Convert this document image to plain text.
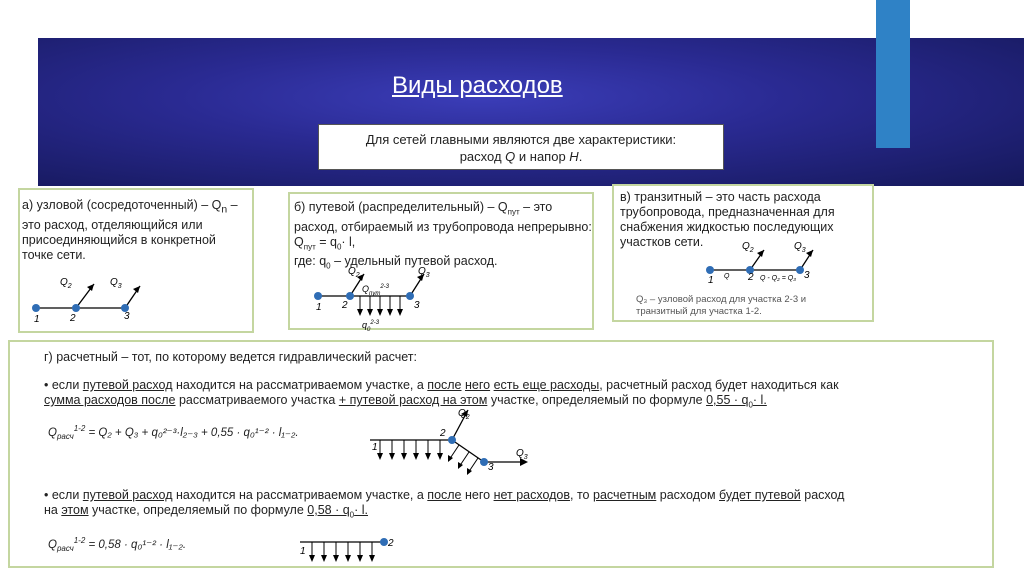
Виды расходов
Для сетей главными являются две характеристики:
расход Q и напор H.
а) узловой (сосредоточенный) – $Q_n$ – это расход, отделяющийся или присоединяющийся в конкретной точке сети.
$Q_2$	$Q_3$
1	2	3
б) путевой (распределительный) – $Q_{пут}$ – это расход, отбираемый из трубопровода непрерывно: $Q_{пут} = q_0\cdot l$,
где: $q_0$ – удельный путевой расход.
$Q_2$	$Q_3$
$Q_{пут}^{2-3}$
$q_0^{2-3}$
1 2	3
в) транзитный – это часть расхода трубопровода, предназначенная для снабжения жидкостью последующих участков сети.	$Q_2$	$Q_3$
Q	Q - Q₂ = Q₃
1	2	3
Q₃ – узловой расход для участка 2-3 и транзитный для участка 1-2.
г) расчетный – тот, по которому ведется гидравлический расчет:
• если путевой расход находится на рассматриваемом участке, а после него есть еще расходы, расчетный расход будет находиться как
сумма расходов после рассматриваемого участка + путевой расход на этом участке, определяемый по формуле $0,55 \cdot q_0\cdot l$.
$Q_{расч}^{1-2} = Q_2 + Q_3 + q_0^{2-3}\cdot l_{2-3} + 0,55 \cdot q_0^{1-2} \cdot l_{1-2}$.
$Q_2$
$Q_3$
1
2
3
• если путевой расход находится на рассматриваемом участке, а после него нет расходов, то расчетным расходом будет путевой расход
на этом участке, определяемый по формуле $0,58 \cdot q_0\cdot l$.
$Q_{расч}^{1-2} = 0,58 \cdot q_0^{1-2} \cdot l_{1-2}$.
1
2
